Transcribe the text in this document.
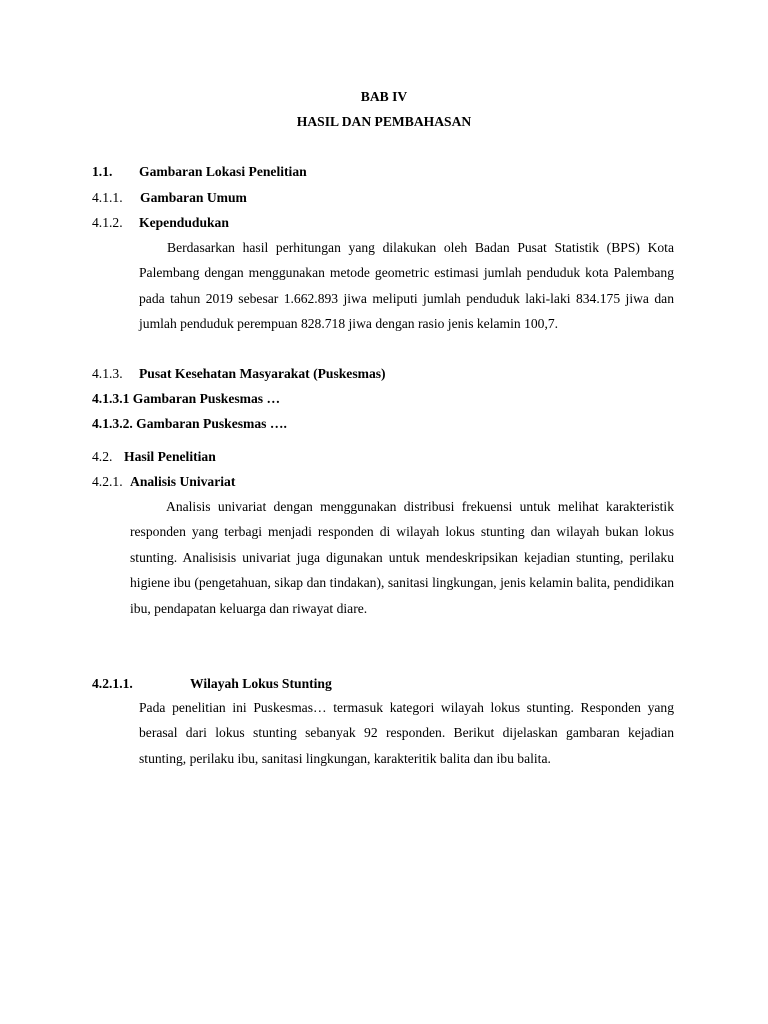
BAB IV
HASIL DAN PEMBAHASAN
1.1. Gambaran Lokasi Penelitian
4.1.1. Gambaran Umum
4.1.2. Kependudukan

Berdasarkan hasil perhitungan yang dilakukan oleh Badan Pusat Statistik (BPS) Kota Palembang dengan menggunakan metode geometric estimasi jumlah penduduk kota Palembang pada tahun 2019 sebesar 1.662.893 jiwa meliputi jumlah penduduk laki-laki 834.175 jiwa dan jumlah penduduk perempuan 828.718 jiwa dengan rasio jenis kelamin 100,7.

4.1.3. Pusat Kesehatan Masyarakat (Puskesmas)
4.1.3.1 Gambaran Puskesmas …
4.1.3.2. Gambaran Puskesmas ….
4.2. Hasil Penelitian
4.2.1. Analisis Univariat

Analisis univariat dengan menggunakan distribusi frekuensi untuk melihat karakteristik responden yang terbagi menjadi responden di wilayah lokus stunting dan wilayah bukan lokus stunting. Analisisis univariat juga digunakan untuk mendeskripsikan kejadian stunting, perilaku higiene ibu (pengetahuan, sikap dan tindakan), sanitasi lingkungan, jenis kelamin balita, pendidikan ibu, pendapatan keluarga dan riwayat diare.

4.2.1.1.	Wilayah Lokus Stunting

Pada penelitian ini Puskesmas… termasuk kategori wilayah lokus stunting. Responden yang berasal dari lokus stunting sebanyak 92 responden. Berikut dijelaskan gambaran kejadian stunting, perilaku ibu, sanitasi lingkungan, karakteritik balita dan ibu balita.
